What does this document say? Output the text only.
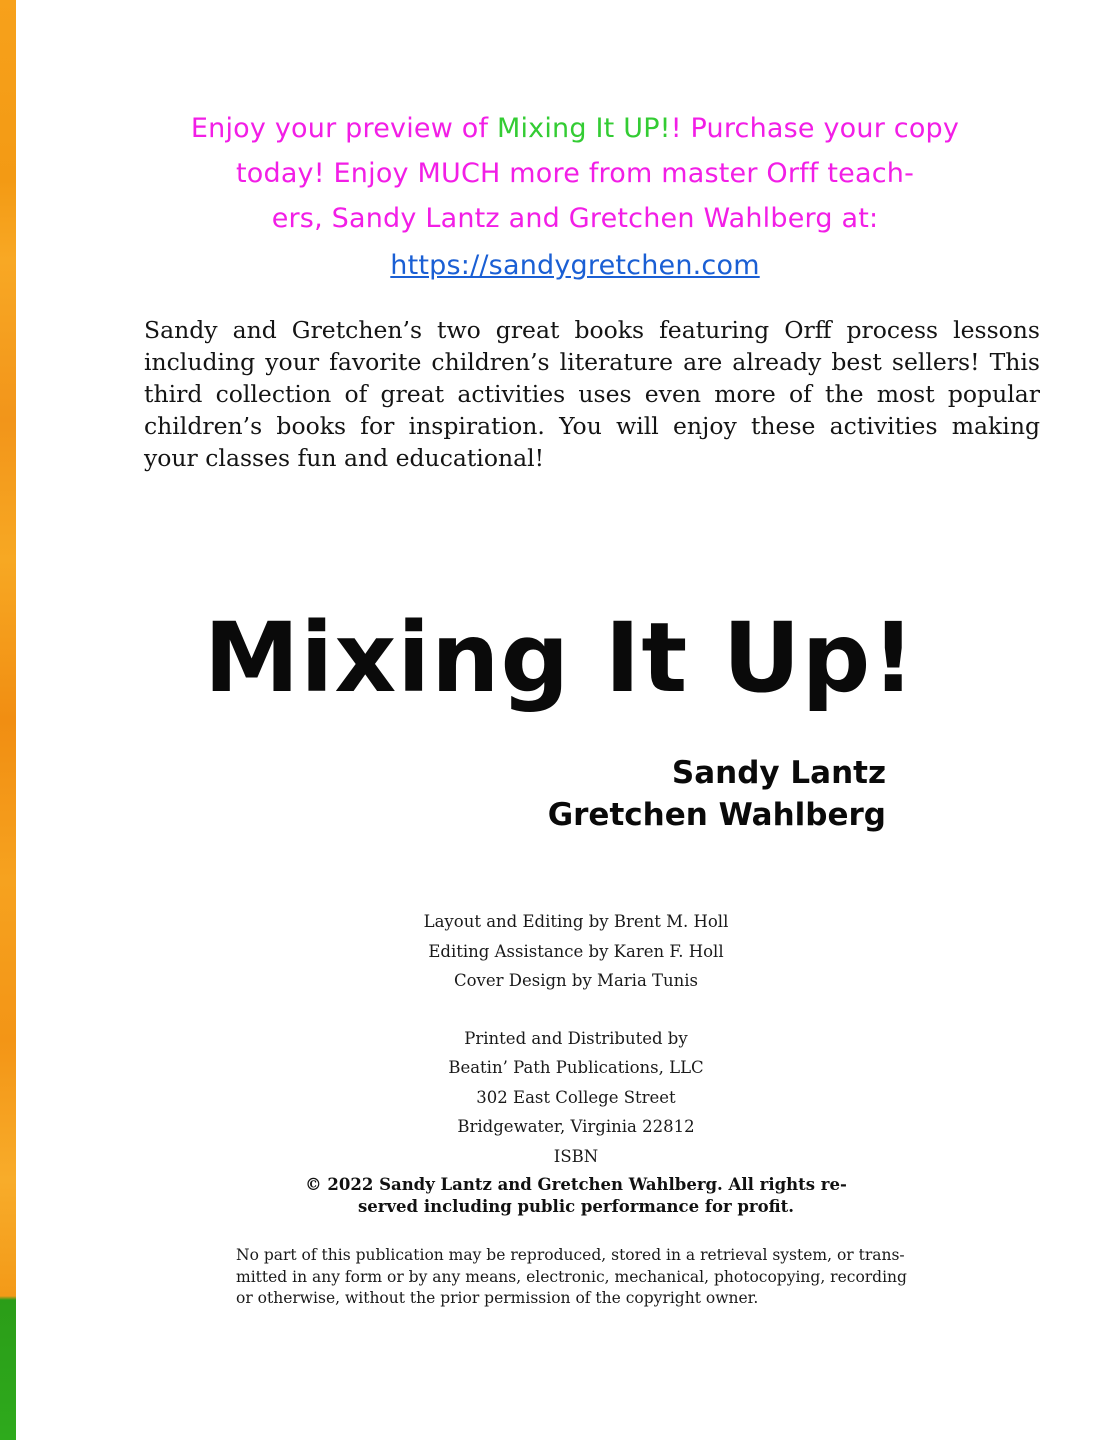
Enjoy your preview of Mixing It UP!! Purchase your copy
today! Enjoy MUCH more from master Orff teach-
ers, Sandy Lantz and Gretchen Wahlberg at:
https://sandygretchen.com
Sandy and Gretchen’s two great books featuring Orff process lessons including your favorite children’s literature are already best sellers! This third collection of great activities uses even more of the most popular children’s books for inspiration. You will enjoy these activities making your classes fun and educational!
Mixing It Up!
Sandy Lantz
Gretchen Wahlberg
Layout and Editing by Brent M. Holl
Editing Assistance by Karen F. Holl
Cover Design by Maria Tunis
Printed and Distributed by
Beatin’ Path Publications, LLC
302 East College Street
Bridgewater, Virginia 22812
ISBN
© 2022 Sandy Lantz and Gretchen Wahlberg. All rights re-
served including public performance for profit.
No part of this publication may be reproduced, stored in a retrieval system, or trans-
mitted in any form or by any means, electronic, mechanical, photocopying, recording
or otherwise, without the prior permission of the copyright owner.
